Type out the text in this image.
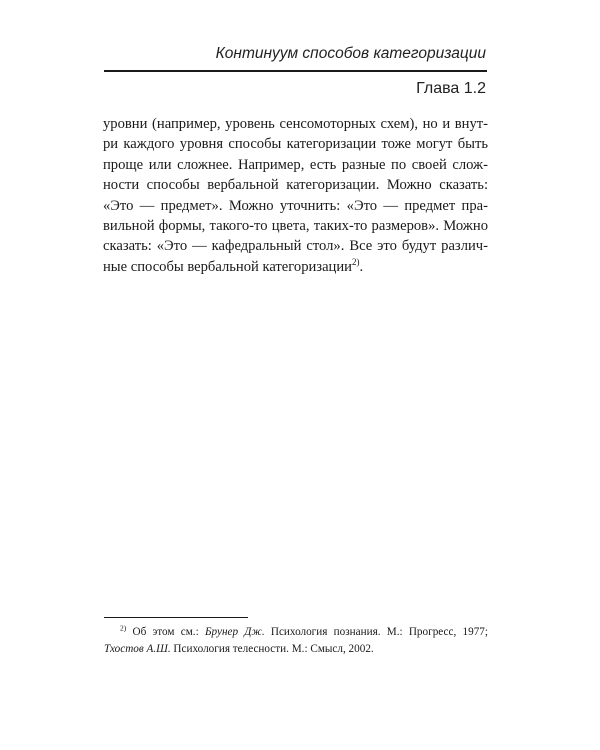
Континуум способов категоризации
Глава 1.2
уровни (например, уровень сенсомоторных схем), но и внут-
ри каждого уровня способы категоризации тоже могут быть
проще или сложнее. Например, есть разные по своей слож-
ности способы вербальной категоризации. Можно сказать:
«Это — предмет». Можно уточнить: «Это — предмет пра-
вильной формы, такого-то цвета, таких-то размеров». Можно
сказать: «Это — кафедральный стол». Все это будут различ-
ные способы вербальной категоризации$^{2)}$.
$^{2)}$ Об этом см.: Брунер Дж. Психология познания. М.: Прогресс, 1977;
Тхостов А.Ш. Психология телесности. М.: Смысл, 2002.
